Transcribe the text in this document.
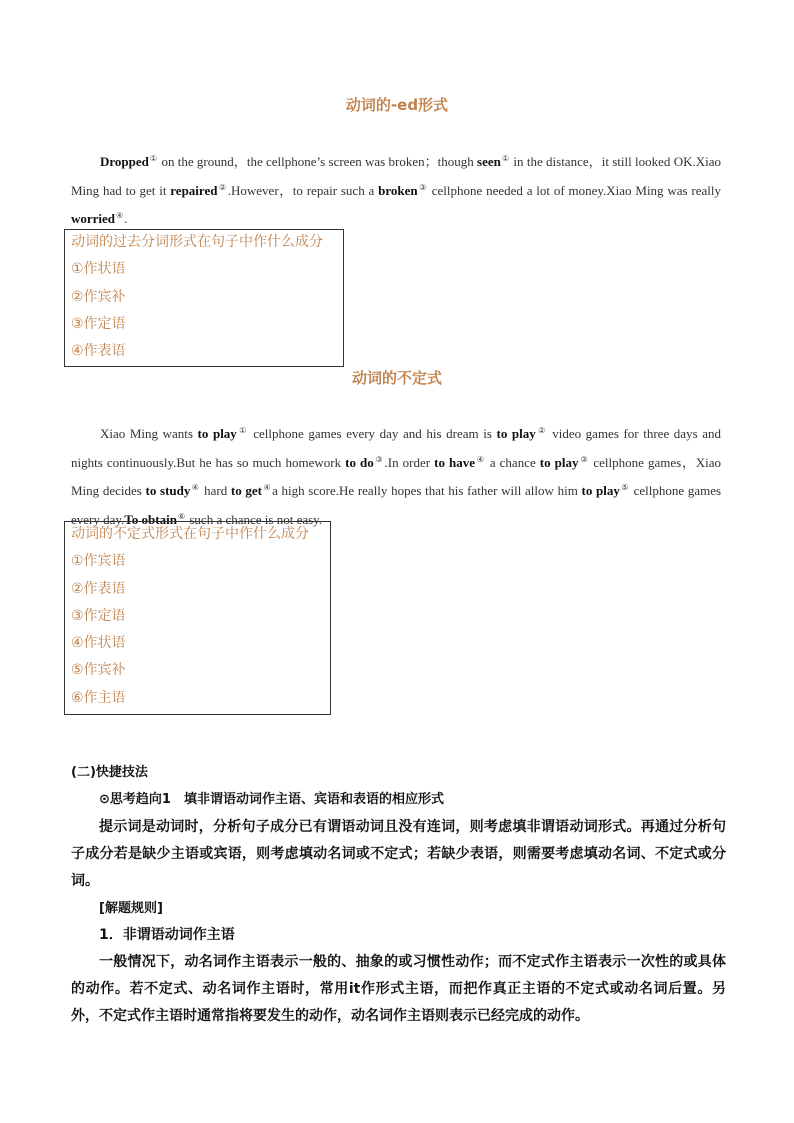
动词的-ed形式
Dropped① on the ground，the cellphone’s screen was broken；though seen① in the distance，it still looked OK.Xiao Ming had to get it repaired②.However，to repair such a broken③ cellphone needed a lot of money.Xiao Ming was really worried④.
动词的过去分词形式在句子中作什么成分
①作状语
②作宾补
③作定语
④作表语
动词的不定式
Xiao Ming wants to play① cellphone games every day and his dream is to play② video games for three days and nights continuously.But he has so much homework to do③.In order to have④ a chance to play③ cellphone games，Xiao Ming decides to study④ hard to get④a high score.He really hopes that his father will allow him to play⑤ cellphone games every day.To obtain⑥ such a chance is not easy.
动词的不定式形式在句子中作什么成分
①作宾语
②作表语
③作定语
④作状语
⑤作宾补
⑥作主语
(二)快捷技法
⊙思考趋向1　填非谓语动词作主语、宾语和表语的相应形式
提示词是动词时，分析句子成分已有谓语动词且没有连词，则考虑填非谓语动词形式。再通过分析句子成分若是缺少主语或宾语，则考虑填动名词或不定式；若缺少表语，则需要考虑填动名词、不定式或分词。
[解题规则]
1．非谓语动词作主语
一般情况下，动名词作主语表示一般的、抽象的或习惯性动作；而不定式作主语表示一次性的或具体的动作。若不定式、动名词作主语时，常用it作形式主语，而把作真正主语的不定式或动名词后置。另外，不定式作主语时通常指将要发生的动作，动名词作主语则表示已经完成的动作。
